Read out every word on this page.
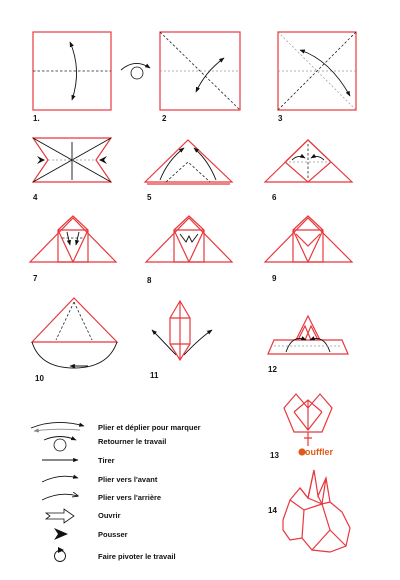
1.	2	3
4	5	6
7	8	9
10	11
12
souffler
13
14
Plier et déplier pour marquer
Retourner le travail
Tirer
Plier vers l'avant
Plier vers l'arrière
Ouvrir
Pousser
Faire pivoter le travail
